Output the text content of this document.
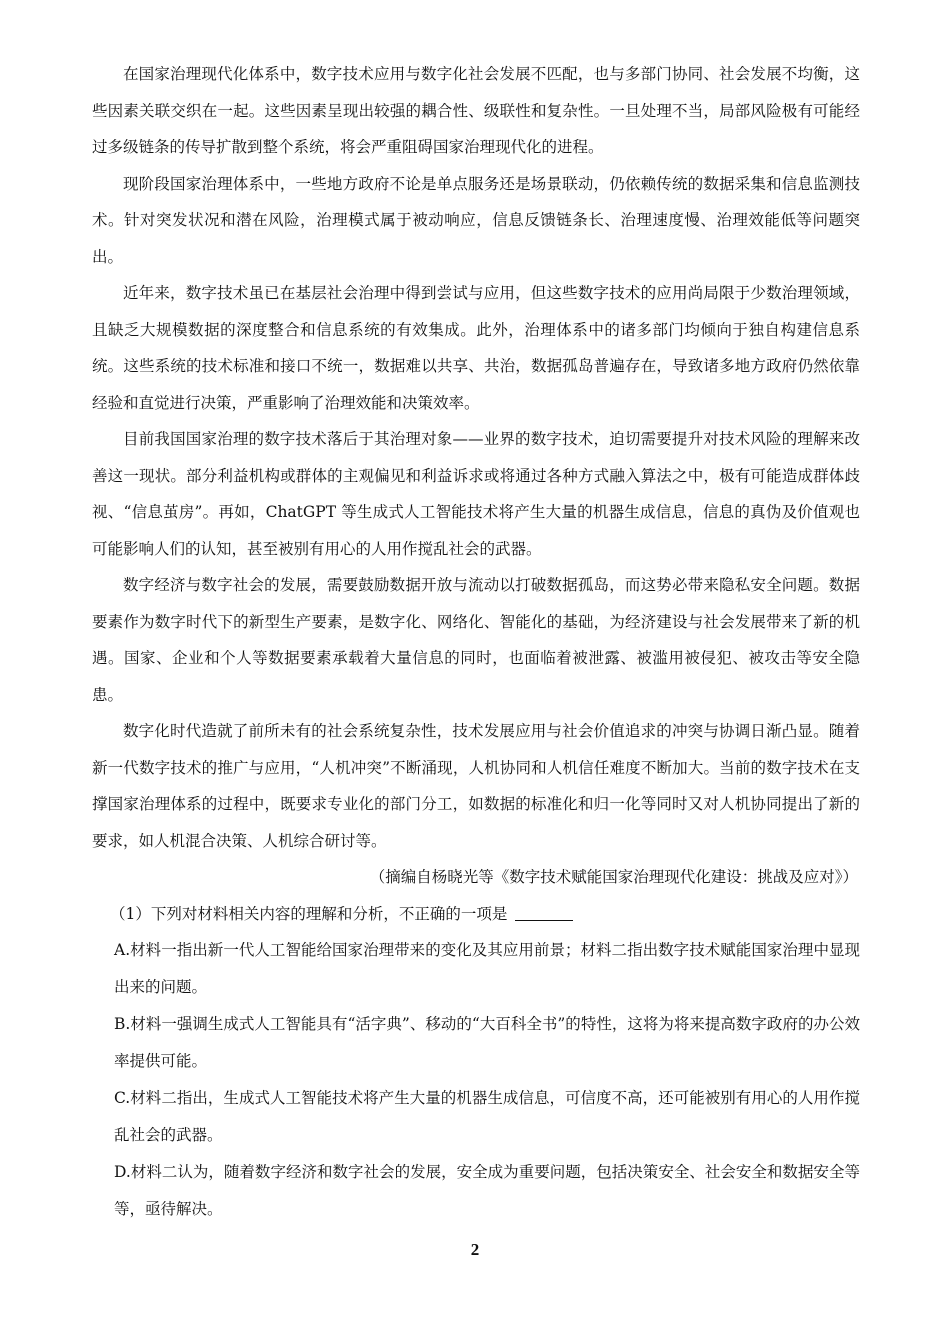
在国家治理现代化体系中，数字技术应用与数字化社会发展不匹配，也与多部门协同、社会发展不均衡，这些因素关联交织在一起。这些因素呈现出较强的耦合性、级联性和复杂性。一旦处理不当，局部风险极有可能经过多级链条的传导扩散到整个系统，将会严重阻碍国家治理现代化的进程。

现阶段国家治理体系中，一些地方政府不论是单点服务还是场景联动，仍依赖传统的数据采集和信息监测技术。针对突发状况和潜在风险，治理模式属于被动响应，信息反馈链条长、治理速度慢、治理效能低等问题突出。

近年来，数字技术虽已在基层社会治理中得到尝试与应用，但这些数字技术的应用尚局限于少数治理领域，且缺乏大规模数据的深度整合和信息系统的有效集成。此外，治理体系中的诸多部门均倾向于独自构建信息系统。这些系统的技术标准和接口不统一，数据难以共享、共治，数据孤岛普遍存在，导致诸多地方政府仍然依靠经验和直觉进行决策，严重影响了治理效能和决策效率。

目前我国国家治理的数字技术落后于其治理对象——业界的数字技术，迫切需要提升对技术风险的理解来改善这一现状。部分利益机构或群体的主观偏见和利益诉求或将通过各种方式融入算法之中，极有可能造成群体歧视、“信息茧房”。再如，ChatGPT 等生成式人工智能技术将产生大量的机器生成信息，信息的真伪及价值观也可能影响人们的认知，甚至被别有用心的人用作搅乱社会的武器。

数字经济与数字社会的发展，需要鼓励数据开放与流动以打破数据孤岛，而这势必带来隐私安全问题。数据要素作为数字时代下的新型生产要素，是数字化、网络化、智能化的基础，为经济建设与社会发展带来了新的机遇。国家、企业和个人等数据要素承载着大量信息的同时，也面临着被泄露、被滥用被侵犯、被攻击等安全隐患。

数字化时代造就了前所未有的社会系统复杂性，技术发展应用与社会价值追求的冲突与协调日渐凸显。随着新一代数字技术的推广与应用，“人机冲突”不断涌现，人机协同和人机信任难度不断加大。当前的数字技术在支撑国家治理体系的过程中，既要求专业化的部门分工，如数据的标准化和归一化等同时又对人机协同提出了新的要求，如人机混合决策、人机综合研讨等。

（摘编自杨晓光等《数字技术赋能国家治理现代化建设：挑战及应对》）

（1）下列对材料相关内容的理解和分析，不正确的一项是

A.材料一指出新一代人工智能给国家治理带来的变化及其应用前景；材料二指出数字技术赋能国家治理中显现出来的问题。

B.材料一强调生成式人工智能具有“活字典”、移动的“大百科全书”的特性，这将为将来提高数字政府的办公效率提供可能。

C.材料二指出，生成式人工智能技术将产生大量的机器生成信息，可信度不高，还可能被别有用心的人用作搅乱社会的武器。

D.材料二认为，随着数字经济和数字社会的发展，安全成为重要问题，包括决策安全、社会安全和数据安全等等，亟待解决。

2
